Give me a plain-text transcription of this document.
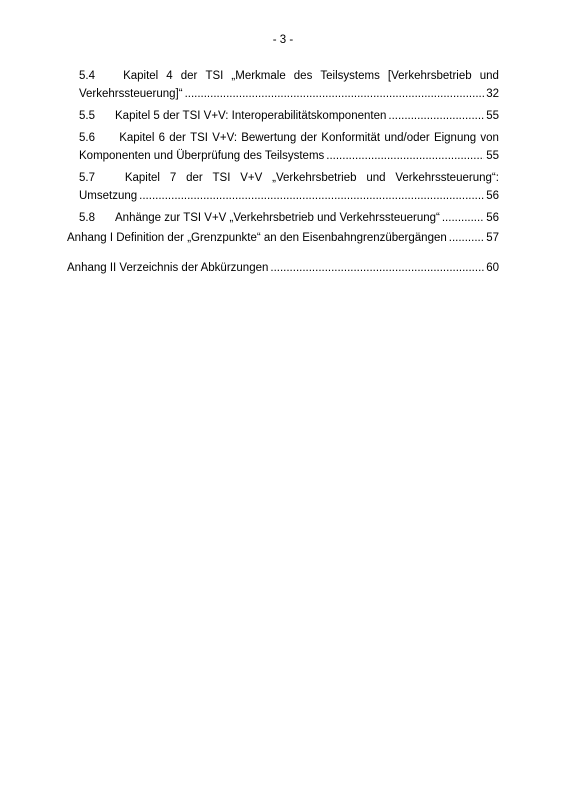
- 3 -
5.4	Kapitel 4 der TSI „Merkmale des Teilsystems [Verkehrsbetrieb und
Verkehrssteuerung]“ .....	32
5.5	Kapitel 5 der TSI V+V: Interoperabilitätskomponenten .....	55
5.6	Kapitel 6 der TSI V+V: Bewertung der Konformität und/oder Eignung von
Komponenten und Überprüfung des Teilsystems .....	55
5.7	Kapitel 7 der TSI V+V „Verkehrsbetrieb und Verkehrssteuerung“:
Umsetzung .....	56
5.8	Anhänge zur TSI V+V „Verkehrsbetrieb und Verkehrssteuerung“ .....	56
Anhang I Definition der „Grenzpunkte“ an den Eisenbahngrenzübergängen .....	57
Anhang II Verzeichnis der Abkürzungen .....	60
